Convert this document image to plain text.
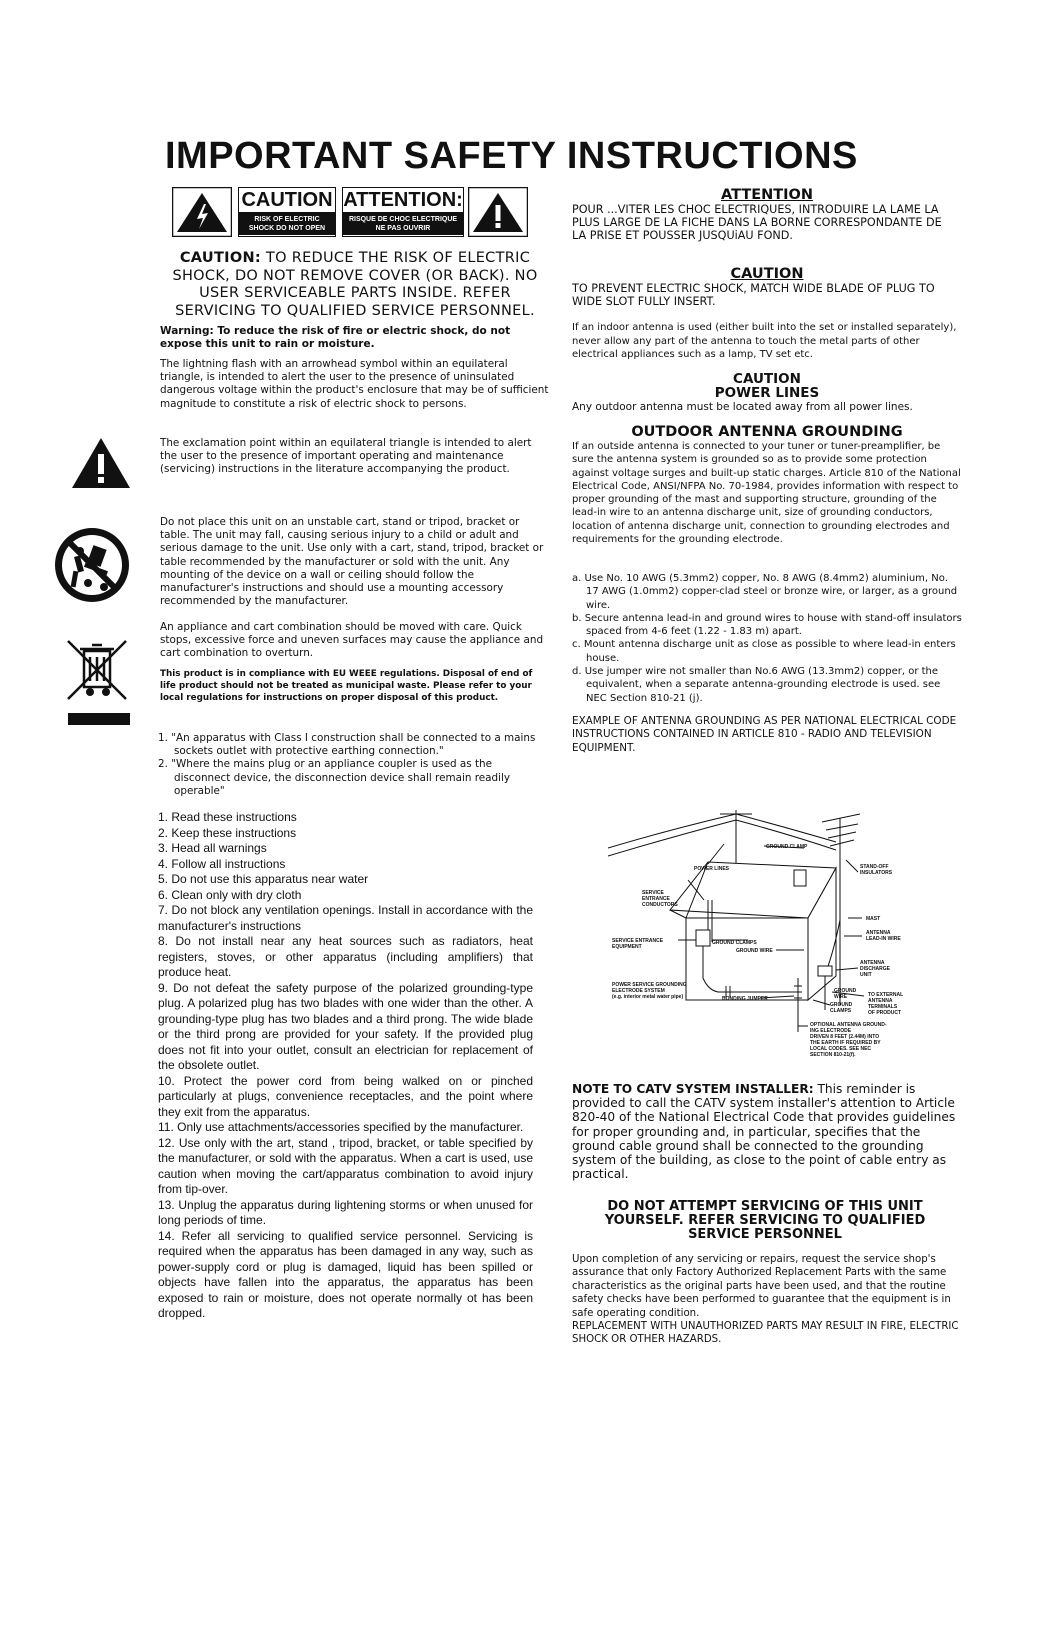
IMPORTANT SAFETY INSTRUCTIONS
CAUTION
RISK OF ELECTRIC
SHOCK DO NOT OPEN
ATTENTION:
RISQUE DE CHOC ELECTRIQUE
NE PAS OUVRIR
CAUTION: TO REDUCE THE RISK OF ELECTRIC SHOCK, DO NOT REMOVE COVER (OR BACK). NO USER SERVICEABLE PARTS INSIDE. REFER SERVICING TO QUALIFIED SERVICE PERSONNEL.
Warning: To reduce the risk of fire or electric shock, do not expose this unit to rain or moisture.
The lightning flash with an arrowhead symbol within an equilateral triangle, is intended to alert the user to the presence of uninsulated dangerous voltage within the product's enclosure that may be of sufficient magnitude to constitute a risk of electric shock to persons.
The exclamation point within an equilateral triangle is intended to alert the user to the presence of important operating and maintenance (servicing) instructions in the literature accompanying the product.
Do not place this unit on an unstable cart, stand or tripod, bracket or table. The unit may fall, causing serious injury to a child or adult and serious damage to the unit. Use only with a cart, stand, tripod, bracket or table recommended by the manufacturer or sold with the unit. Any mounting of the device on a wall or ceiling should follow the manufacturer's instructions and should use a mounting accessory recommended by the manufacturer.
An appliance and cart combination should be moved with care. Quick stops, excessive force and uneven surfaces may cause the appliance and cart combination to overturn.
This product is in compliance with EU WEEE regulations. Disposal of end of life product should not be treated as municipal waste. Please refer to your local regulations for instructions on proper disposal of this product.
1. "An apparatus with Class I construction shall be connected to a mains sockets outlet with protective earthing connection."
2. "Where the mains plug or an appliance coupler is used as the disconnect device, the disconnection device shall remain readily operable"
1. Read these instructions
2. Keep these instructions
3. Head all warnings
4. Follow all instructions
5. Do not use this apparatus near water
6. Clean only with dry cloth
7. Do not block any ventilation openings. Install in accordance with the manufacturer's instructions
8. Do not install near any heat sources such as radiators, heat registers, stoves, or other apparatus (including amplifiers) that produce heat.
9. Do not defeat the safety purpose of the polarized grounding-type plug. A polarized plug has two blades with one wider than the other. A grounding-type plug has two blades and a third prong. The wide blade or the third prong are provided for your safety. If the provided plug does not fit into your outlet, consult an electrician for replacement of the obsolete outlet.
10. Protect the power cord from being walked on or pinched particularly at plugs, convenience receptacles, and the point where they exit from the apparatus.
11. Only use attachments/accessories specified by the manufacturer.
12. Use only with the art, stand , tripod, bracket, or table specified by the manufacturer, or sold with the apparatus. When a cart is used, use caution when moving the cart/apparatus combination to avoid injury from tip-over.
13. Unplug the apparatus during lightening storms or when unused for long periods of time.
14. Refer all servicing to qualified service personnel. Servicing is required when the apparatus has been damaged in any way, such as power-supply cord or plug is damaged, liquid has been spilled or objects have fallen into the apparatus, the apparatus has been exposed to rain or moisture, does not operate normally ot has been dropped.
ATTENTION
POUR ...VITER LES CHOC ELECTRIQUES, INTRODUIRE LA LAME LA PLUS LARGE DE LA FICHE DANS LA BORNE CORRESPONDANTE DE LA PRISE ET POUSSER JUSQUiAU FOND.
CAUTION
TO PREVENT ELECTRIC SHOCK, MATCH WIDE BLADE OF PLUG TO WIDE SLOT FULLY INSERT.
If an indoor antenna is used (either built into the set or installed separately), never allow any part of the antenna to touch the metal parts of other electrical appliances such as a lamp, TV set etc.
CAUTION
POWER LINES
Any outdoor antenna must be located away from all power lines.
OUTDOOR ANTENNA GROUNDING
If an outside antenna is connected to your tuner or tuner-preamplifier, be sure the antenna system is grounded so as to provide some protection against voltage surges and built-up static charges. Article 810 of the National Electrical Code, ANSI/NFPA No. 70-1984, provides information with respect to proper grounding of the mast and supporting structure, grounding of the lead-in wire to an antenna discharge unit, size of grounding conductors, location of antenna discharge unit, connection to grounding electrodes and requirements for the grounding electrode.
a. Use No. 10 AWG (5.3mm2) copper, No. 8 AWG (8.4mm2) aluminium, No. 17 AWG (1.0mm2) copper-clad steel or bronze wire, or larger, as a ground wire.
b. Secure antenna lead-in and ground wires to house with stand-off insulators spaced from 4-6 feet (1.22 - 1.83 m) apart.
c. Mount antenna discharge unit as close as possible to where lead-in enters house.
d. Use jumper wire not smaller than No.6 AWG (13.3mm2) copper, or the equivalent, when a separate antenna-grounding electrode is used. see NEC Section 810-21 (j).
EXAMPLE OF ANTENNA GROUNDING AS PER NATIONAL ELECTRICAL CODE INSTRUCTIONS CONTAINED IN ARTICLE 810 - RADIO AND TELEVISION EQUIPMENT.
GROUND CLAMP
POWER LINES	STAND-OFF
INSULATORS
SERVICE
ENTRANCE
CONDUCTORS
MAST
ANTENNA
LEAD-IN WIRE
SERVICE ENTRANCE
EQUIPMENT
GROUND CLAMPS
GROUND WIRE
ANTENNA
DISCHARGE
UNIT
POWER SERVICE GROUNDING
ELECTRODE SYSTEM
(e.g. interior metal water pipe)	BONDING JUMPER
GROUND
WIRE	TO EXTERNAL
ANTENNA
TERMINALS
OF PRODUCT
GROUND
CLAMPS
OPTIONAL ANTENNA GROUND-
ING ELECTRODE
DRIVEN 8 FEET (2.44M) INTO
THE EARTH IF REQUIRED BY
LOCAL CODES. SEE NEC
SECTION 810-21(f).
NOTE TO CATV SYSTEM INSTALLER: This reminder is provided to call the CATV system installer's attention to Article 820-40 of the National Electrical Code that provides guidelines for proper grounding and, in particular, specifies that the ground cable ground shall be connected to the grounding system of the building, as close to the point of cable entry as practical.
DO NOT ATTEMPT SERVICING OF THIS UNIT YOURSELF. REFER SERVICING TO QUALIFIED SERVICE PERSONNEL
Upon completion of any servicing or repairs, request the service shop's assurance that only Factory Authorized Replacement Parts with the same characteristics as the original parts have been used, and that the routine safety checks have been performed to guarantee that the equipment is in safe operating condition.
REPLACEMENT WITH UNAUTHORIZED PARTS MAY RESULT IN FIRE, ELECTRIC SHOCK OR OTHER HAZARDS.
